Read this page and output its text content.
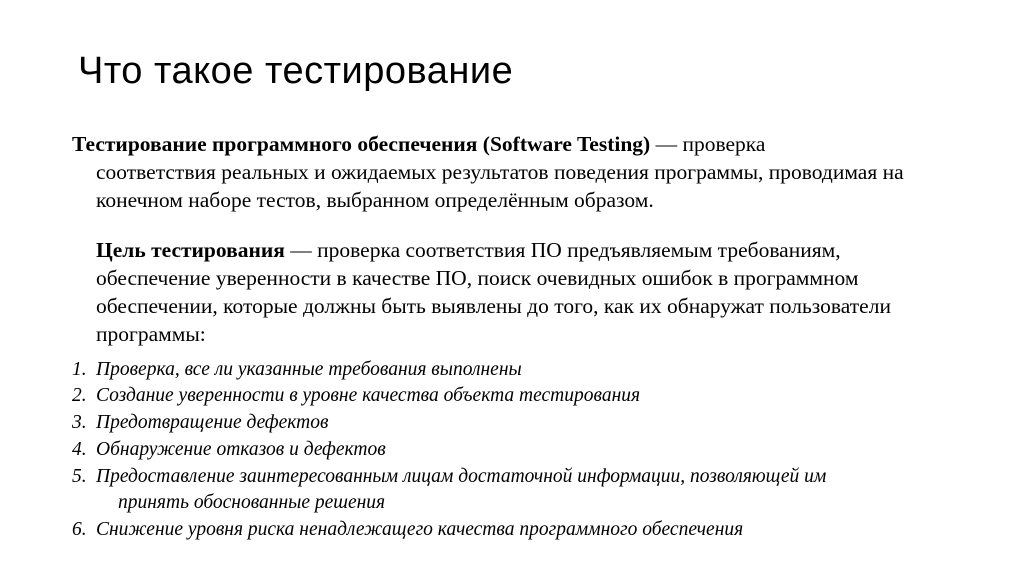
Что такое тестирование

Тестирование программного обеспечения (Software Testing) — проверка
соответствия реальных и ожидаемых результатов поведения программы, проводимая на конечном наборе тестов, выбранном определённым образом.

Цель тестирования — проверка соответствия ПО предъявляемым требованиям, обеспечение уверенности в качестве ПО, поиск очевидных ошибок в программном обеспечении, которые должны быть выявлены до того, как их обнаружат пользователи программы:

1. Проверка, все ли указанные требования выполнены
2. Создание уверенности в уровне качества объекта тестирования
3. Предотвращение дефектов
4. Обнаружение отказов и дефектов
5. Предоставление заинтересованным лицам достаточной информации, позволяющей им
принять обоснованные решения
6. Снижение уровня риска ненадлежащего качества программного обеспечения
